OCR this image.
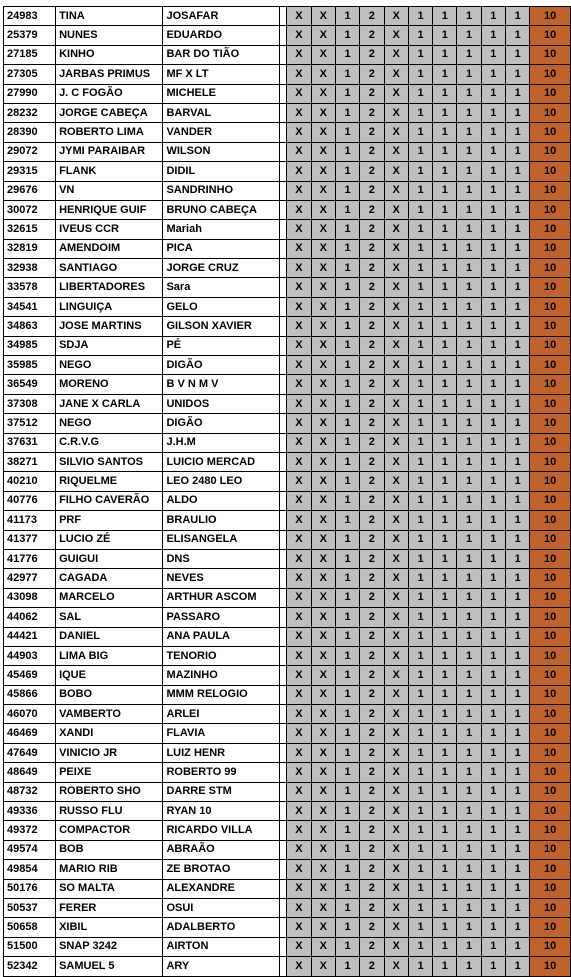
24983	TINA	JOSAFAR		X	X	1	2	X	1	1	1	1	1	10
25379	NUNES	EDUARDO		X	X	1	2	X	1	1	1	1	1	10
27185	KINHO	BAR DO TIÃO		X	X	1	2	X	1	1	1	1	1	10
27305	JARBAS PRIMUS	MF X LT		X	X	1	2	X	1	1	1	1	1	10
27990	J. C FOGÃO	MICHELE		X	X	1	2	X	1	1	1	1	1	10
28232	JORGE CABEÇA	BARVAL		X	X	1	2	X	1	1	1	1	1	10
28390	ROBERTO LIMA	VANDER		X	X	1	2	X	1	1	1	1	1	10
29072	JYMI PARAIBAR	WILSON		X	X	1	2	X	1	1	1	1	1	10
29315	FLANK	DIDIL		X	X	1	2	X	1	1	1	1	1	10
29676	VN	SANDRINHO		X	X	1	2	X	1	1	1	1	1	10
30072	HENRIQUE GUIF	BRUNO CABEÇA		X	X	1	2	X	1	1	1	1	1	10
32615	IVEUS CCR	Mariah		X	X	1	2	X	1	1	1	1	1	10
32819	AMENDOIM	PICA		X	X	1	2	X	1	1	1	1	1	10
32938	SANTIAGO	JORGE CRUZ		X	X	1	2	X	1	1	1	1	1	10
33578	LIBERTADORES	Sara		X	X	1	2	X	1	1	1	1	1	10
34541	LINGUIÇA	GELO		X	X	1	2	X	1	1	1	1	1	10
34863	JOSE MARTINS	GILSON XAVIER		X	X	1	2	X	1	1	1	1	1	10
34985	SDJA	PÉ		X	X	1	2	X	1	1	1	1	1	10
35985	NEGO	DIGÃO		X	X	1	2	X	1	1	1	1	1	10
36549	MORENO	B V N M V		X	X	1	2	X	1	1	1	1	1	10
37308	JANE X CARLA	UNIDOS		X	X	1	2	X	1	1	1	1	1	10
37512	NEGO	DIGÃO		X	X	1	2	X	1	1	1	1	1	10
37631	C.R.V.G	J.H.M		X	X	1	2	X	1	1	1	1	1	10
38271	SILVIO SANTOS	LUICIO MERCAD		X	X	1	2	X	1	1	1	1	1	10
40210	RIQUELME	LEO 2480 LEO		X	X	1	2	X	1	1	1	1	1	10
40776	FILHO CAVERÃO	ALDO		X	X	1	2	X	1	1	1	1	1	10
41173	PRF	BRAULIO		X	X	1	2	X	1	1	1	1	1	10
41377	LUCIO ZÉ	ELISANGELA		X	X	1	2	X	1	1	1	1	1	10
41776	GUIGUI	DNS		X	X	1	2	X	1	1	1	1	1	10
42977	CAGADA	NEVES		X	X	1	2	X	1	1	1	1	1	10
43098	MARCELO	ARTHUR ASCOM		X	X	1	2	X	1	1	1	1	1	10
44062	SAL	PASSARO		X	X	1	2	X	1	1	1	1	1	10
44421	DANIEL	ANA PAULA		X	X	1	2	X	1	1	1	1	1	10
44903	LIMA BIG	TENORIO		X	X	1	2	X	1	1	1	1	1	10
45469	IQUE	MAZINHO		X	X	1	2	X	1	1	1	1	1	10
45866	BOBO	MMM RELOGIO		X	X	1	2	X	1	1	1	1	1	10
46070	VAMBERTO	ARLEI		X	X	1	2	X	1	1	1	1	1	10
46469	XANDI	FLAVIA		X	X	1	2	X	1	1	1	1	1	10
47649	VINICIO JR	LUIZ HENR		X	X	1	2	X	1	1	1	1	1	10
48649	PEIXE	ROBERTO 99		X	X	1	2	X	1	1	1	1	1	10
48732	ROBERTO SHO	DARRE STM		X	X	1	2	X	1	1	1	1	1	10
49336	RUSSO FLU	RYAN 10		X	X	1	2	X	1	1	1	1	1	10
49372	COMPACTOR	RICARDO VILLA		X	X	1	2	X	1	1	1	1	1	10
49574	BOB	ABRAÃO		X	X	1	2	X	1	1	1	1	1	10
49854	MARIO RIB	ZE BROTAO		X	X	1	2	X	1	1	1	1	1	10
50176	SO MALTA	ALEXANDRE		X	X	1	2	X	1	1	1	1	1	10
50537	FERER	OSUI		X	X	1	2	X	1	1	1	1	1	10
50658	XIBIL	ADALBERTO		X	X	1	2	X	1	1	1	1	1	10
51500	SNAP 3242	AIRTON		X	X	1	2	X	1	1	1	1	1	10
52342	SAMUEL 5	ARY		X	X	1	2	X	1	1	1	1	1	10
